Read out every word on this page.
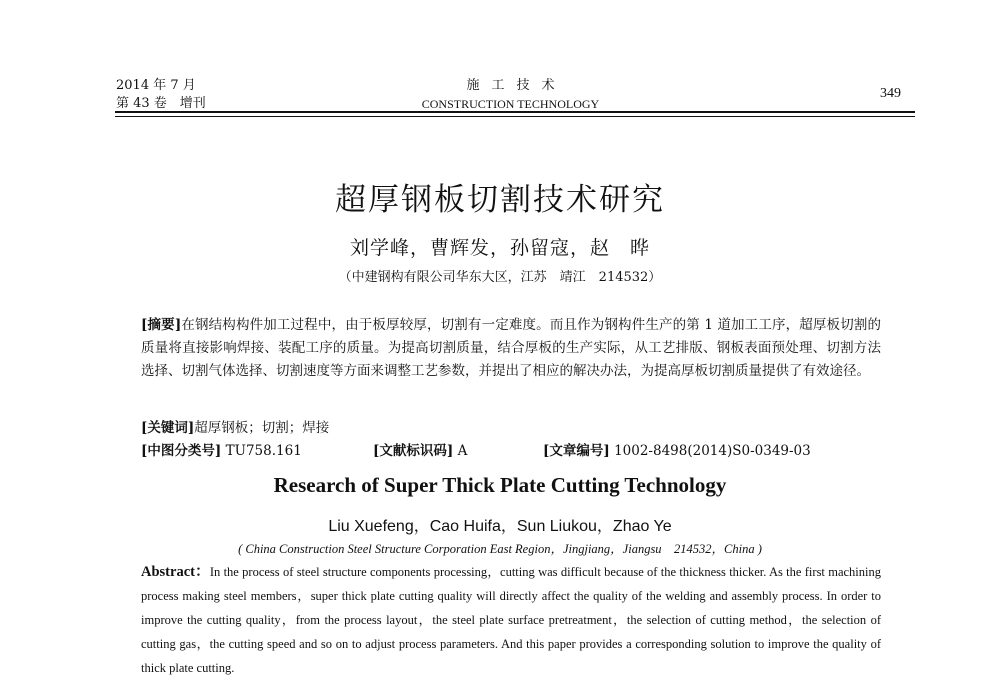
2014 年 7 月
第 43 卷　增刊
施工技术
CONSTRUCTION TECHNOLOGY
349
超厚钢板切割技术研究
刘学峰，曹辉发，孙留寇，赵　晔
（中建钢构有限公司华东大区，江苏　靖江　214532）
[摘要]在钢结构构件加工过程中，由于板厚较厚，切割有一定难度。而且作为钢构件生产的第 1 道加工工序，超厚板切割的质量将直接影响焊接、装配工序的质量。为提高切割质量，结合厚板的生产实际，从工艺排版、钢板表面预处理、切割方法选择、切割气体选择、切割速度等方面来调整工艺参数，并提出了相应的解决办法，为提高厚板切割质量提供了有效途径。
[关键词]超厚钢板；切割；焊接
[中图分类号] TU758.161	[文献标识码] A	[文章编号] 1002-8498(2014)S0-0349-03
Research of Super Thick Plate Cutting Technology
Liu Xuefeng，Cao Huifa，Sun Liukou，Zhao Ye
( China Construction Steel Structure Corporation East Region，Jingjiang，Jiangsu　214532，China )
Abstract：In the process of steel structure components processing，cutting was difficult because of the thickness thicker. As the first machining process making steel members，super thick plate cutting quality will directly affect the quality of the welding and assembly process. In order to improve the cutting quality，from the process layout，the steel plate surface pretreatment，the selection of cutting method，the selection of cutting gas，the cutting speed and so on to adjust process parameters. And this paper provides a corresponding solution to improve the quality of thick plate cutting.
